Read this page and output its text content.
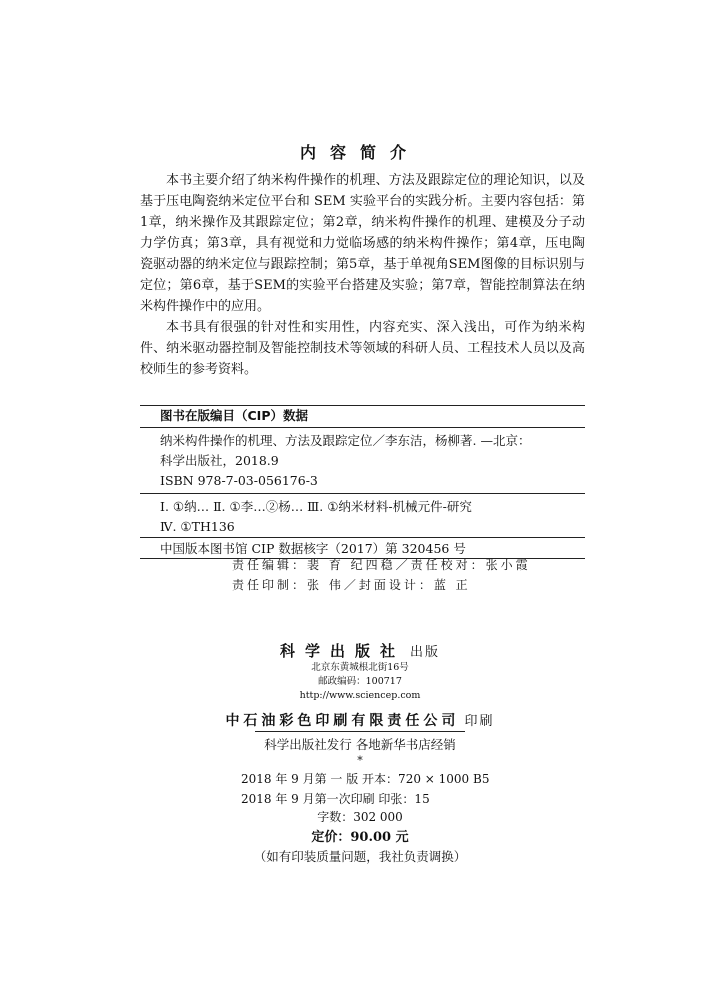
内容简介

本书主要介绍了纳米构件操作的机理、方法及跟踪定位的理论知识，以及基于压电陶瓷纳米定位平台和 SEM 实验平台的实践分析。主要内容包括：第1章，纳米操作及其跟踪定位；第2章，纳米构件操作的机理、建模及分子动力学仿真；第3章，具有视觉和力觉临场感的纳米构件操作；第4章，压电陶瓷驱动器的纳米定位与跟踪控制；第5章，基于单视角SEM图像的目标识别与定位；第6章，基于SEM的实验平台搭建及实验；第7章，智能控制算法在纳米构件操作中的应用。

本书具有很强的针对性和实用性，内容充实、深入浅出，可作为纳米构件、纳米驱动器控制及智能控制技术等领域的科研人员、工程技术人员以及高校师生的参考资料。

图书在版编目（CIP）数据
纳米构件操作的机理、方法及跟踪定位／李东洁，杨柳著. —北京：
科学出版社，2018.9
ISBN 978-7-03-056176-3
Ⅰ. ①纳… Ⅱ. ①李…②杨… Ⅲ. ①纳米材料-机械元件-研究
Ⅳ. ①TH136
中国版本图书馆 CIP 数据核字（2017）第 320456 号
责任编辑：裴 育 纪四稳／责任校对：张小霞
责任印制：张 伟／封面设计：蓝 正
科学出版社 出版
北京东黄城根北街16号
邮政编码：100717
http://www.sciencep.com
中石油彩色印刷有限责任公司 印刷
科学出版社发行 各地新华书店经销
*
2018 年 9 月第 一 版 开本：720 × 1000 B5
2018 年 9 月第一次印刷 印张：15
字数：302 000
定价：90.00 元
（如有印装质量问题，我社负责调换）
